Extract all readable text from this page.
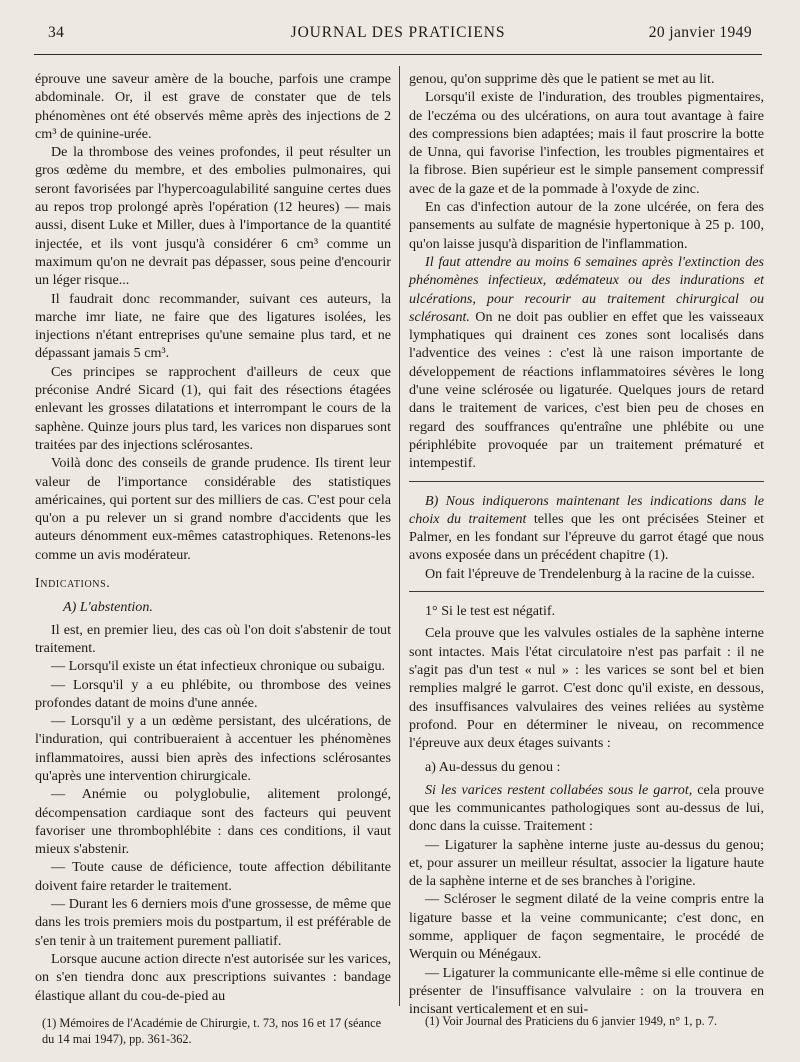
34	JOURNAL DES PRATICIENS	20 janvier 1949

éprouve une saveur amère de la bouche, parfois une crampe abdominale. Or, il est grave de constater que de tels phénomènes ont été observés même après des injections de 2 cm³ de quinine-urée.

De la thrombose des veines profondes, il peut résulter un gros œdème du membre, et des embolies pulmonaires, qui seront favorisées par l'hypercoagulabilité sanguine certes dues au repos trop prolongé après l'opération (12 heures) — mais aussi, disent Luke et Miller, dues à l'importance de la quantité injectée, et ils vont jusqu'à considérer 6 cm³ comme un maximum qu'on ne devrait pas dépasser, sous peine d'encourir un léger risque...

Il faudrait donc recommander, suivant ces auteurs, la marche imr liate, ne faire que des ligatures isolées, les injections n'étant entreprises qu'une semaine plus tard, et ne dépassant jamais 5 cm³.

Ces principes se rapprochent d'ailleurs de ceux que préconise André Sicard (1), qui fait des résections étagées enlevant les grosses dilatations et interrompant le cours de la saphène. Quinze jours plus tard, les varices non disparues sont traitées par des injections sclérosantes.

Voilà donc des conseils de grande prudence. Ils tirent leur valeur de l'importance considérable des statistiques américaines, qui portent sur des milliers de cas. C'est pour cela qu'on a pu relever un si grand nombre d'accidents que les auteurs dénomment eux-mêmes catastrophiques. Retenons-les comme un avis modérateur.

Indications.

A) L'abstention.

Il est, en premier lieu, des cas où l'on doit s'abstenir de tout traitement.

— Lorsqu'il existe un état infectieux chronique ou subaigu.

— Lorsqu'il y a eu phlébite, ou thrombose des veines profondes datant de moins d'une année.

— Lorsqu'il y a un œdème persistant, des ulcérations, de l'induration, qui contribueraient à accentuer les phénomènes inflammatoires, aussi bien après des infections sclérosantes qu'après une intervention chirurgicale.

— Anémie ou polyglobulie, alitement prolongé, décompensation cardiaque sont des facteurs qui peuvent favoriser une thrombophlébite : dans ces conditions, il vaut mieux s'abstenir.

— Toute cause de déficience, toute affection débilitante doivent faire retarder le traitement.

— Durant les 6 derniers mois d'une grossesse, de même que dans les trois premiers mois du postpartum, il est préférable de s'en tenir à un traitement purement palliatif.

Lorsque aucune action directe n'est autorisée sur les varices, on s'en tiendra donc aux prescriptions suivantes : bandage élastique allant du cou-de-pied au

genou, qu'on supprime dès que le patient se met au lit.

Lorsqu'il existe de l'induration, des troubles pigmentaires, de l'eczéma ou des ulcérations, on aura tout avantage à faire des compressions bien adaptées; mais il faut proscrire la botte de Unna, qui favorise l'infection, les troubles pigmentaires et la fibrose. Bien supérieur est le simple pansement compressif avec de la gaze et de la pommade à l'oxyde de zinc.

En cas d'infection autour de la zone ulcérée, on fera des pansements au sulfate de magnésie hypertonique à 25 p. 100, qu'on laisse jusqu'à disparition de l'inflammation.

Il faut attendre au moins 6 semaines après l'extinction des phénomènes infectieux, œdémateux ou des indurations et ulcérations, pour recourir au traitement chirurgical ou sclérosant. On ne doit pas oublier en effet que les vaisseaux lymphatiques qui drainent ces zones sont localisés dans l'adventice des veines : c'est là une raison importante de développement de réactions inflammatoires sévères le long d'une veine sclérosée ou ligaturée. Quelques jours de retard dans le traitement de varices, c'est bien peu de choses en regard des souffrances qu'entraîne une phlébite ou une périphlébite provoquée par un traitement prématuré et intempestif.

B) Nous indiquerons maintenant les indications dans le choix du traitement telles que les ont précisées Steiner et Palmer, en les fondant sur l'épreuve du garrot étagé que nous avons exposée dans un précédent chapitre (1).

On fait l'épreuve de Trendelenburg à la racine de la cuisse.

1° Si le test est négatif.

Cela prouve que les valvules ostiales de la saphène interne sont intactes. Mais l'état circulatoire n'est pas parfait : il ne s'agit pas d'un test « nul » : les varices se sont bel et bien remplies malgré le garrot. C'est donc qu'il existe, en dessous, des insuffisances valvulaires des veines reliées au système profond. Pour en déterminer le niveau, on recommence l'épreuve aux deux étages suivants :

a) Au-dessus du genou :

Si les varices restent collabées sous le garrot, cela prouve que les communicantes pathologiques sont au-dessus de lui, donc dans la cuisse. Traitement :

— Ligaturer la saphène interne juste au-dessus du genou; et, pour assurer un meilleur résultat, associer la ligature haute de la saphène interne et de ses branches à l'origine.

— Scléroser le segment dilaté de la veine compris entre la ligature basse et la veine communicante; c'est donc, en somme, appliquer de façon segmentaire, le procédé de Werquin ou Ménégaux.

— Ligaturer la communicante elle-même si elle continue de présenter de l'insuffisance valvulaire : on la trouvera en incisant verticalement et en sui-

(1) Mémoires de l'Académie de Chirurgie, t. 73, nos 16 et 17 (séance du 14 mai 1947), pp. 361-362.
(1) Voir Journal des Praticiens du 6 janvier 1949, n° 1, p. 7.
